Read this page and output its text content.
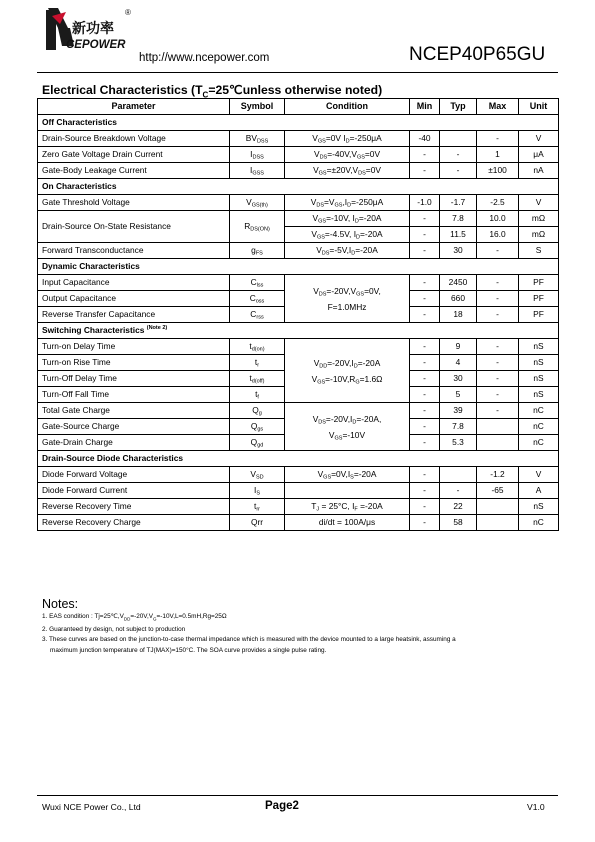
新功率
CEPOWER
®
http://www.ncepower.com	NCEP40P65GU
Electrical Characteristics ($T_C=25℃unless$ otherwise noted)
Parameter	Symbol	Condition	Min	Typ	Max	Unit
Off Characteristics						
Drain-Source Breakdown Voltage	$BV_{DSS}$	$V_{GS}=0V$ $I_D=-250\mu A$	-40		-	V
Zero Gate Voltage Drain Current	$I_{DSS}$	$V_{DS}=-40V,V_{GS}=0V$	-	-	1	μA
Gate-Body Leakage Current	$I_{GSS}$	$V_{GS}=\pm 20V,V_{DS}=0V$	-	-	±100	nA
On Characteristics						
Gate Threshold Voltage	$V_{GS(th)}$	$V_{DS}=V_{GS},I_D=-250\mu A$	-1.0	-1.7	-2.5	V
Drain-Source On-State Resistance	$R_{DS(ON)}$	$V_{GS}=-10V$, $I_D=-20A$	-	7.8	10.0	mΩ
		$V_{GS}=-4.5V$, $I_D=-20A$	-	11.5	16.0	mΩ
Forward Transconductance	$g_{FS}$	$V_{DS}=-5V,I_D=-20A$	-	30	-	S
Dynamic Characteristics						
Input Capacitance	$C_{lss}$	$V_{DS}=-20V,V_{GS}=0V$,
F=1.0MHz	-	2450	-	PF
Output Capacitance	$C_{oss}$		-	660	-	PF
Reverse Transfer Capacitance	$C_{rss}$		-	18	-	PF
Switching Characteristics $^{(Note 2)}$
Turn-on Delay Time	$t_{d(on)}$	$V_{DD}=-20V,I_D=-20A$
$V_{GS}=-10V,R_G=1.6\Omega$	-	9	-	nS
Turn-on Rise Time	$t_r$		-	4	-	nS
Turn-Off Delay Time	$t_{d(off)}$		-	30	-	nS
Turn-Off Fall Time	$t_f$		-	5	-	nS
Total Gate Charge	$Q_g$	$V_{DS}=-20V,I_D=-20A$,
$V_{GS}=-10V$	-	39	-	nC
Gate-Source Charge	$Q_{gs}$		-	7.8		nC
Gate-Drain Charge	$Q_{gd}$		-	5.3		nC
Drain-Source Diode Characteristics						
Diode Forward Voltage	$V_{SD}$	$V_{GS}=0V,I_S=-20A$	-		-1.2	V
Diode Forward Current	$I_S$		-	-	-65	A
Reverse Recovery Time	$t_{rr}$	$T_J = 25^\circ C$, $I_F =-20A$	-	22		nS
Reverse Recovery Charge	Qrr	di/dt = 100A/μs	-	58		nC
Notes:

1. EAS condition : $Tj=25℃,V_{DD}=-20V,V_G=-10V,L=0.5mH,Rg=25\Omega$

2. Guaranteed by design, not subject to production

3. These curves are based on the junction-to-case thermal impedance which is measured with the device mounted to a large heatsink, assuming a

maximum junction temperature of TJ(MAX)=150°C. The SOA curve provides a single pulse rating.

Wuxi NCE Power Co., Ltd	Page2	V1.0
